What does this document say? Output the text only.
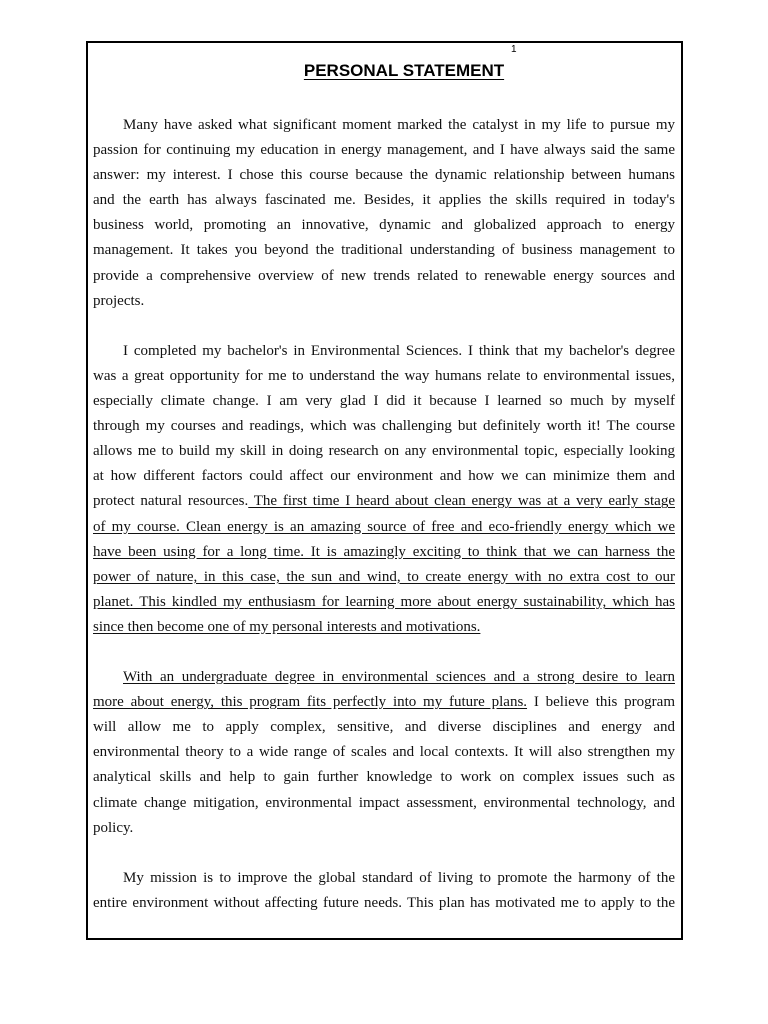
1
PERSONAL STATEMENT
Many have asked what significant moment marked the catalyst in my life to pursue my
passion for continuing my education in energy management, and I have always said the same
answer: my interest. I chose this course because the dynamic relationship between humans
and the earth has always fascinated me. Besides, it applies the skills required in today's
business world, promoting an innovative, dynamic and globalized approach to energy
management. It takes you beyond the traditional understanding of business management to
provide a comprehensive overview of new trends related to renewable energy sources and
projects.
I completed my bachelor's in Environmental Sciences. I think that my bachelor's degree
was a great opportunity for me to understand the way humans relate to environmental issues,
especially climate change. I am very glad I did it because I learned so much by myself
through my courses and readings, which was challenging but definitely worth it! The course
allows me to build my skill in doing research on any environmental topic, especially looking
at how different factors could affect our environment and how we can minimize them and
protect natural resources. The first time I heard about clean energy was at a very early stage
of my course. Clean energy is an amazing source of free and eco-friendly energy which we
have been using for a long time. It is amazingly exciting to think that we can harness the
power of nature, in this case, the sun and wind, to create energy with no extra cost to our
planet. This kindled my enthusiasm for learning more about energy sustainability, which has
since then become one of my personal interests and motivations.
With an undergraduate degree in environmental sciences and a strong desire to learn
more about energy, this program fits perfectly into my future plans. I believe this program
will allow me to apply complex, sensitive, and diverse disciplines and energy and
environmental theory to a wide range of scales and local contexts. It will also strengthen my
analytical skills and help to gain further knowledge to work on complex issues such as
climate change mitigation, environmental impact assessment, environmental technology, and
policy.
My mission is to improve the global standard of living to promote the harmony of the
entire environment without affecting future needs. This plan has motivated me to apply to the
